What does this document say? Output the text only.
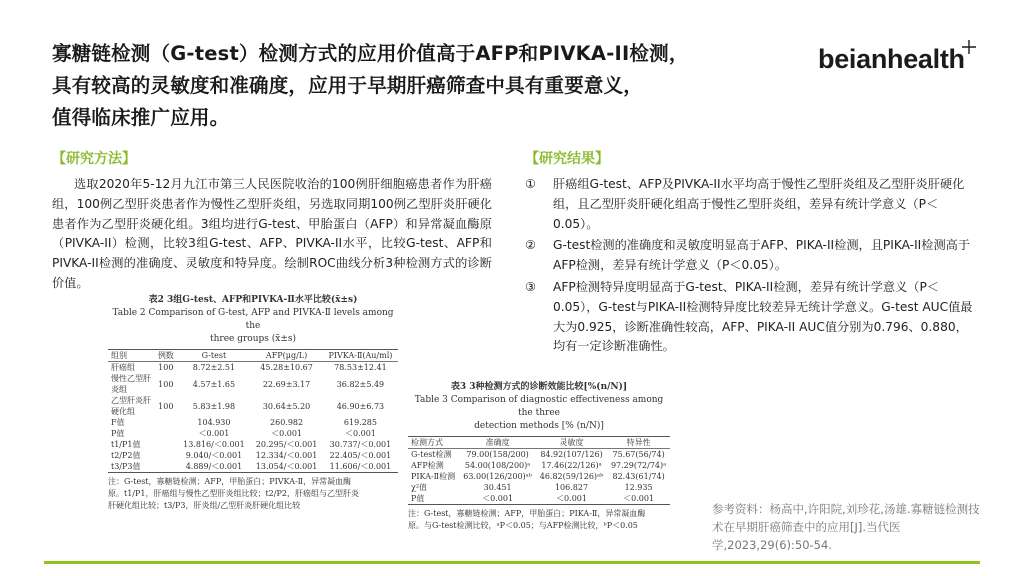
寡糖链检测（G-test）检测方式的应用价值高于AFP和PIVKA-II检测，
具有较高的灵敏度和准确度，应用于早期肝癌筛查中具有重要意义，
值得临床推广应用。
beianhealth
【研究方法】
选取2020年5-12月九江市第三人民医院收治的100例肝细胞癌患者作为肝癌组，100例乙型肝炎患者作为慢性乙型肝炎组，另选取同期100例乙型肝炎肝硬化患者作为乙型肝炎硬化组。3组均进行G-test、甲胎蛋白（AFP）和异常凝血酶原（PIVKA-II）检测，比较3组G-test、AFP、PIVKA-II水平，比较G-test、AFP和PIVKA-II检测的准确度、灵敏度和特异度。绘制ROC曲线分析3种检测方式的诊断价值。
【研究结果】
① 肝癌组G-test、AFP及PIVKA-II水平均高于慢性乙型肝炎组及乙型肝炎肝硬化组，且乙型肝炎肝硬化组高于慢性乙型肝炎组，差异有统计学意义（P＜0.05）。
② G-test检测的准确度和灵敏度明显高于AFP、PIKA-II检测，且PIKA-II检测高于AFP检测，差异有统计学意义（P＜0.05）。
③ AFP检测特异度明显高于G-test、PIKA-II检测，差异有统计学意义（P＜0.05），G-test与PIKA-II检测特异度比较差异无统计学意义。G-test AUC值最大为0.925，诊断准确性较高，AFP、PIKA-II AUC值分别为0.796、0.880，均有一定诊断准确性。
表2 3组G-test、AFP和PIVKA-Ⅱ水平比较(x̄±s)
Table 2 Comparison of G-test, AFP and PIVKA-Ⅱ levels among the
three groups (x̄±s)
组别	例数	G-test	AFP(μg/L)	PIVKA-Ⅱ(Au/ml)
肝癌组	100	8.72±2.51	45.28±10.67	78.53±12.41
慢性乙型肝炎组	100	4.57±1.65	22.69±3.17	36.82±5.49
乙型肝炎肝硬化组	100	5.83±1.98	30.64±5.20	46.90±6.73
F值		104.930	260.982	619.285
P值		＜0.001	＜0.001	＜0.001
t1/P1值		13.816/＜0.001	20.295/＜0.001	30.737/＜0.001
t2/P2值		9.040/＜0.001	12.334/＜0.001	22.405/＜0.001
t3/P3值		4.889/＜0.001	13.054/＜0.001	11.606/＜0.001
注：G-test，寡糖链检测；AFP，甲胎蛋白；PIVKA-Ⅱ，异常凝血酶
原。t1/P1，肝癌组与慢性乙型肝炎组比较；t2/P2，肝癌组与乙型肝炎
肝硬化组比较；t3/P3，肝炎组/乙型肝炎肝硬化组比较
表3 3种检测方式的诊断效能比较[%(n/N)]
Table 3 Comparison of diagnostic effectiveness among the three
detection methods [% (n/N)]
检测方式	准确度	灵敏度	特异性
G-test检测	79.00(158/200)	84.92(107/126)	75.67(56/74)
AFP检测	54.00(108/200)ᵃ	17.46(22/126)ᵃ	97.29(72/74)ᵃ
PIKA-Ⅱ检测	63.00(126/200)ᵃᵇ	46.82(59/126)ᵃᵇ	82.43(61/74)
χ²值	30.451	106.827	12.935
P值	＜0.001	＜0.001	＜0.001
注：G-test，寡糖链检测；AFP，甲胎蛋白；PIKA-Ⅱ，异常凝血酶
原。与G-test检测比较，ᵃP＜0.05；与AFP检测比较，ᵇP＜0.05
参考资料：杨高中,许阳院,刘珍花,汤雄.寡糖链检测技术在早期肝癌筛查中的应用[J].当代医学,2023,29(6):50-54.
